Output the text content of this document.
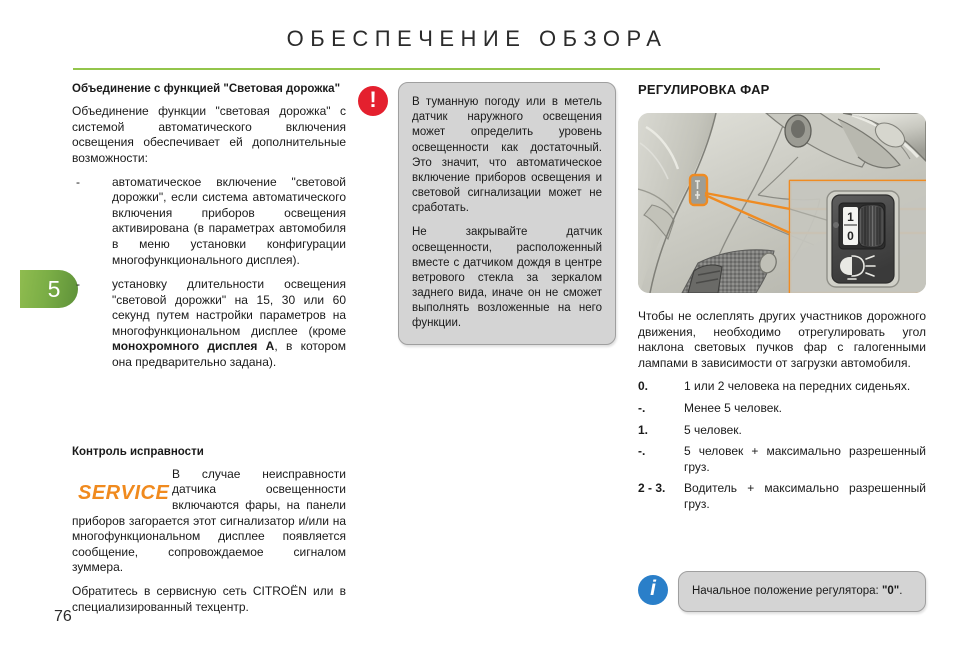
ОБЕСПЕЧЕНИЕ ОБЗОРА
5
76
Объединение с функцией "Световая дорожка"

Объединение функции "световая дорожка" с системой автоматического включения освещения обеспечивает ей дополнительные возможности:

-	автоматическое включение "световой дорожки", если система автоматического включения приборов освещения активирована (в параметрах автомобиля в меню установки конфигурации многофункционального дисплея).
-	установку длительности освещения "световой дорожки" на 15, 30 или 60 секунд путем настройки параметров на многофункциональном дисплее (кроме монохромного дисплея A, в котором она предварительно задана).
Контроль исправности
SERVICE

В случае неисправности датчика освещенности включаются фары, на панели приборов загорается этот сигнализатор и/или на многофункциональном дисплее появляется сообщение, сопровождаемое сигналом зуммера.

Обратитесь в сервисную сеть CITROËN или в специализированный техцентр.

!	В туманную погоду или в метель датчик наружного освещения может определить уровень освещенности как достаточный. Это значит, что автоматическое включение приборов освещения и световой сигнализации может не сработать.

Не закрывайте датчик освещенности, расположенный вместе с датчиком дождя в центре ветрового стекла за зеркалом заднего вида, иначе он не сможет выполнять возложенные на него функции.

РЕГУЛИРОВКА ФАР
1
0

Чтобы не ослеплять других участников дорожного движения, необходимо отрегулировать угол наклона световых пучков фар с галогенными лампами в зависимости от загрузки автомобиля.

0.	1 или 2 человека на передних сиденьях.
-.	Менее 5 человек.
1.	5 человек.
-.	5 человек + максимально разрешенный груз.
2 - 3. Водитель + максимально разрешенный груз.
i	Начальное положение регулятора: "0".
